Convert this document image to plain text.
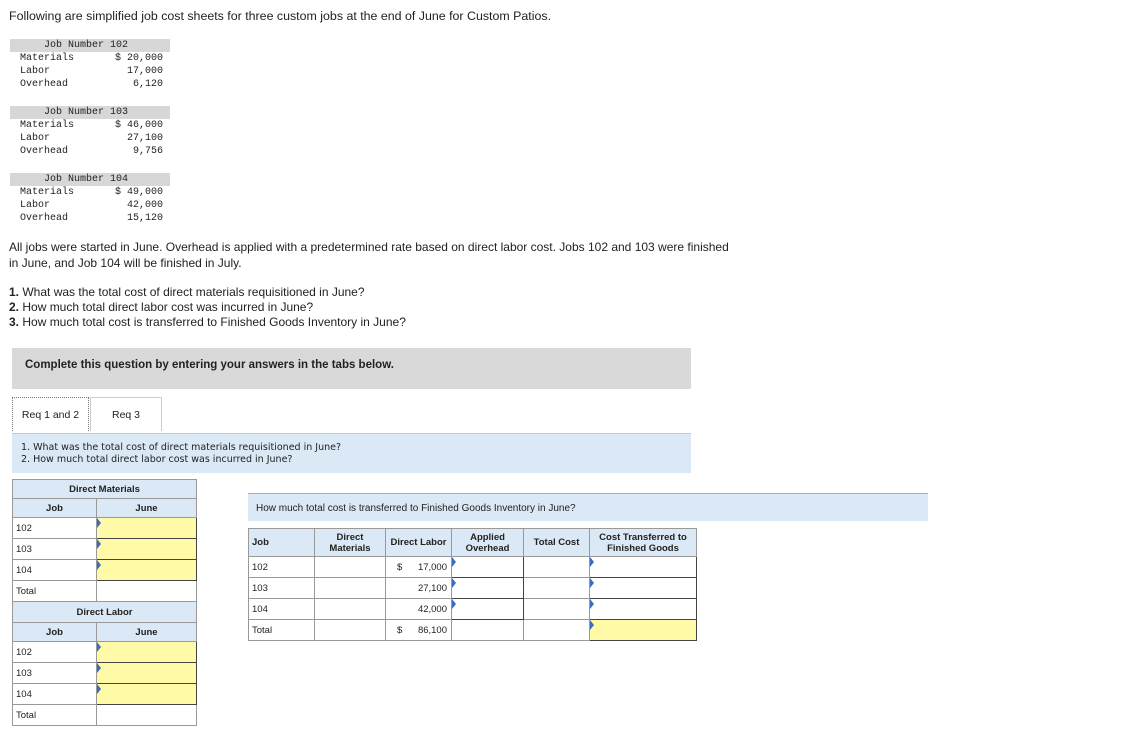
Following are simplified job cost sheets for three custom jobs at the end of June for Custom Patios.
Job Number 102
Materials	$ 20,000
Labor	17,000
Overhead	6,120
Job Number 103
Materials	$ 46,000
Labor	27,100
Overhead	9,756
Job Number 104
Materials	$ 49,000
Labor	42,000
Overhead	15,120
All jobs were started in June. Overhead is applied with a predetermined rate based on direct labor cost. Jobs 102 and 103 were finished in June, and Job 104 will be finished in July.
1. What was the total cost of direct materials requisitioned in June?
2. How much total direct labor cost was incurred in June?
3. How much total cost is transferred to Finished Goods Inventory in June?
Complete this question by entering your answers in the tabs below.
Req 1 and 2	Req 3
1. What was the total cost of direct materials requisitioned in June?
2. How much total direct labor cost was incurred in June?
Direct Materials	
Job	June
102	
103	
104	
Total	
Direct Labor	
Job	June
102	
103	
104	
Total	
How much total cost is transferred to Finished Goods Inventory in June?
Job	Direct Materials	Direct Labor	Applied Overhead	Total Cost	Cost Transferred to Finished Goods
102		$ 17,000			
103		27,100			
104		42,000			
Total		$ 86,100			
